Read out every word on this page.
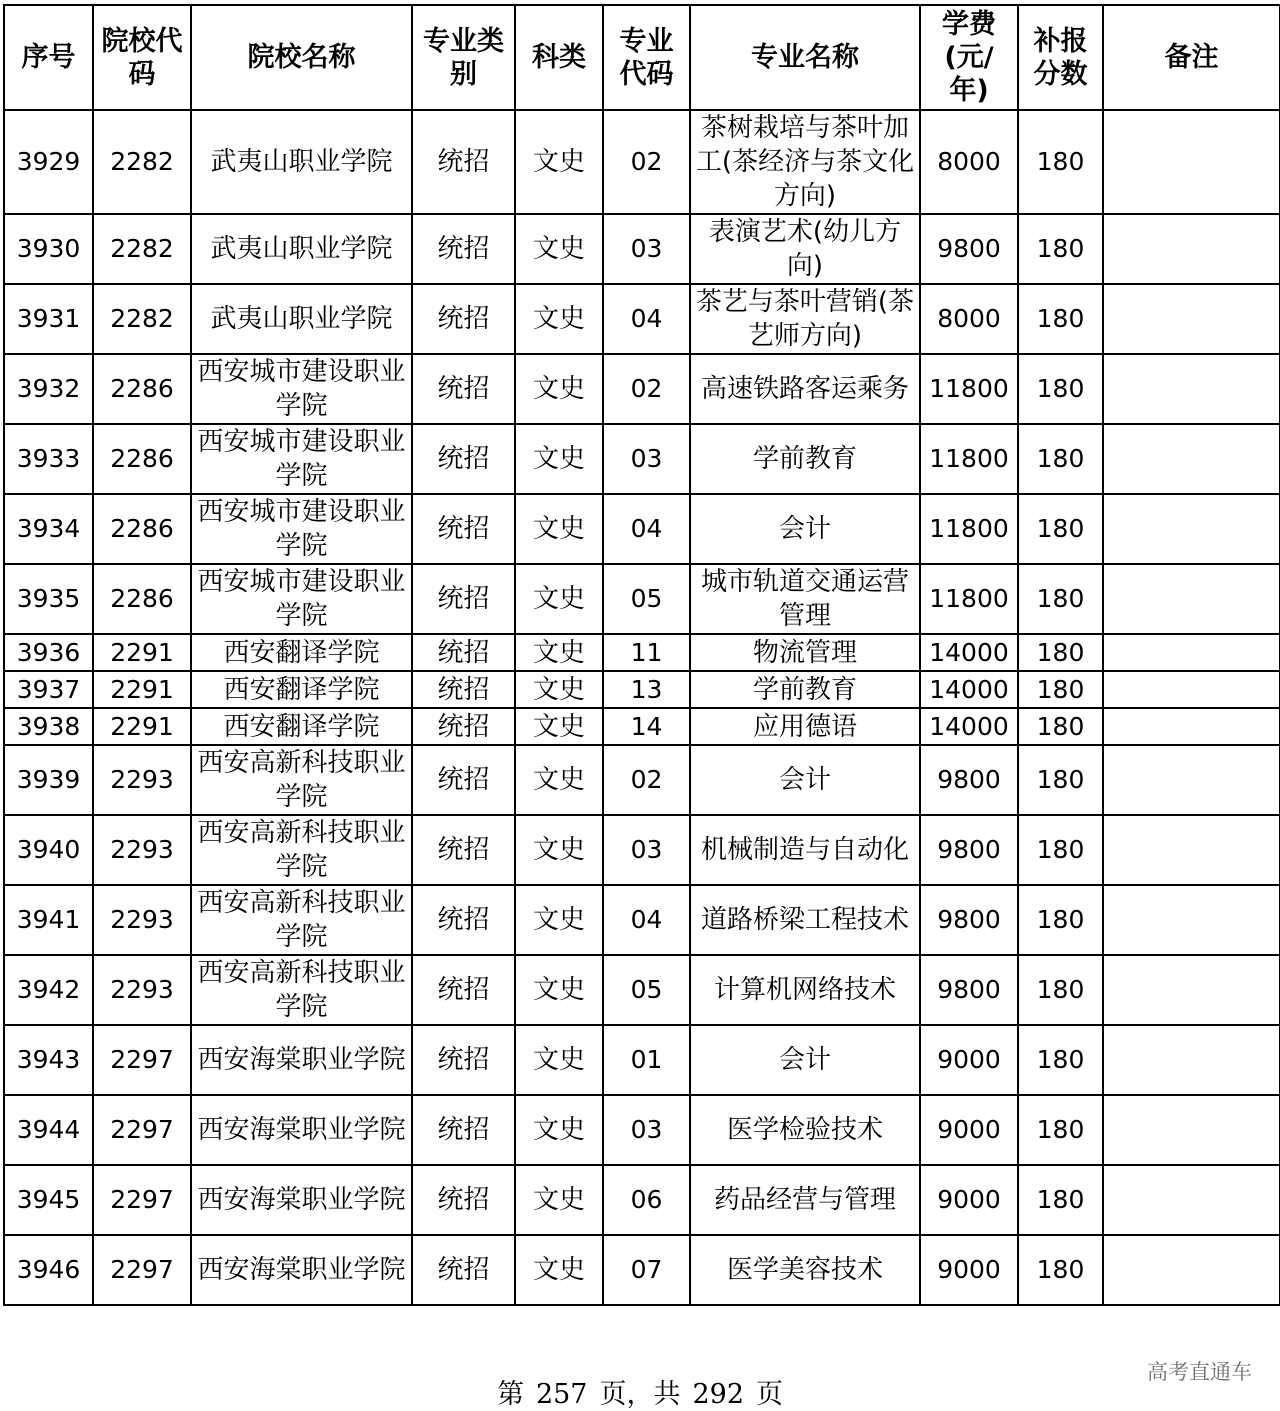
序号	院校代码	院校名称	专业类别	科类	专业代码	专业名称	学费(元/年)	补报分数	备注
3929	2282	武夷山职业学院	统招	文史	02	茶树栽培与茶叶加工(茶经济与茶文化方向)	8000	180	
3930	2282	武夷山职业学院	统招	文史	03	表演艺术(幼儿方向)	9800	180	
3931	2282	武夷山职业学院	统招	文史	04	茶艺与茶叶营销(茶艺师方向)	8000	180	
3932	2286	西安城市建设职业学院	统招	文史	02	高速铁路客运乘务	11800	180	
3933	2286	西安城市建设职业学院	统招	文史	03	学前教育	11800	180	
3934	2286	西安城市建设职业学院	统招	文史	04	会计	11800	180	
3935	2286	西安城市建设职业学院	统招	文史	05	城市轨道交通运营管理	11800	180	
3936	2291	西安翻译学院	统招	文史	11	物流管理	14000	180	
3937	2291	西安翻译学院	统招	文史	13	学前教育	14000	180	
3938	2291	西安翻译学院	统招	文史	14	应用德语	14000	180	
3939	2293	西安高新科技职业学院	统招	文史	02	会计	9800	180	
3940	2293	西安高新科技职业学院	统招	文史	03	机械制造与自动化	9800	180	
3941	2293	西安高新科技职业学院	统招	文史	04	道路桥梁工程技术	9800	180	
3942	2293	西安高新科技职业学院	统招	文史	05	计算机网络技术	9800	180	
3943	2297	西安海棠职业学院	统招	文史	01	会计	9000	180	
3944	2297	西安海棠职业学院	统招	文史	03	医学检验技术	9000	180	
3945	2297	西安海棠职业学院	统招	文史	06	药品经营与管理	9000	180	
3946	2297	西安海棠职业学院	统招	文史	07	医学美容技术	9000	180	
第 257 页，共 292 页
高考直通车
